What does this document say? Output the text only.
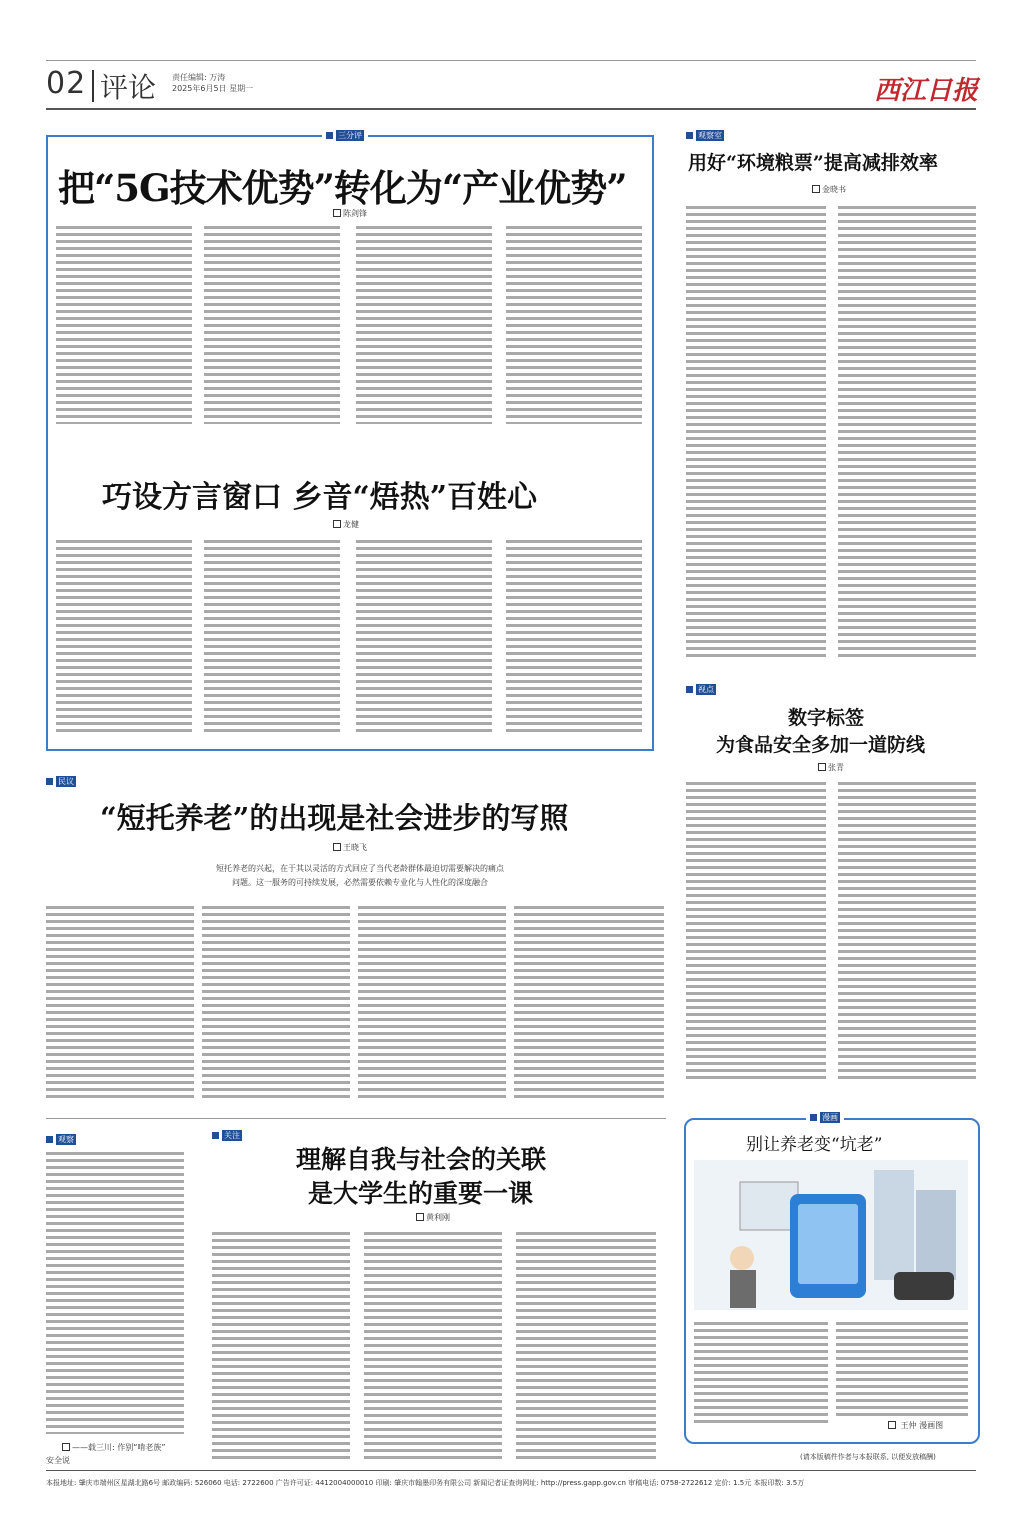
02 评论 责任编辑: 万涛
2025年6月5日 星期一	西江日报
三分评
把“5G技术优势”转化为“产业优势”
陈剑锋
巧设方言窗口 乡音“焐热”百姓心
龙健
观察室
用好“环境粮票”提高减排效率
金晓书
视点
数字标签
为食品安全多加一道防线
张青
民议
“短托养老”的出现是社会进步的写照
王晓飞
短托养老的兴起，在于其以灵活的方式回应了当代老龄群体最迫切需要解决的痛点
问题。这一服务的可持续发展，必然需要依赖专业化与人性化的深度融合
观察
——载三川: 作别“啃老族”
安全说
关注
理解自我与社会的关联
是大学生的重要一课
黄利刚
漫画
别让养老变“坑老”
王仲 漫画图
(请本版稿件作者与本报联系, 以便发放稿酬)
本报地址: 肇庆市端州区星湖北路6号 邮政编码: 526060 电话: 2722600 广告许可证: 4412004000010 印刷: 肇庆市翰墨印务有限公司 新闻记者证查询网址: http://press.gapp.gov.cn 审稿电话: 0758-2722612 定价: 1.5元 本报印数: 3.5万
